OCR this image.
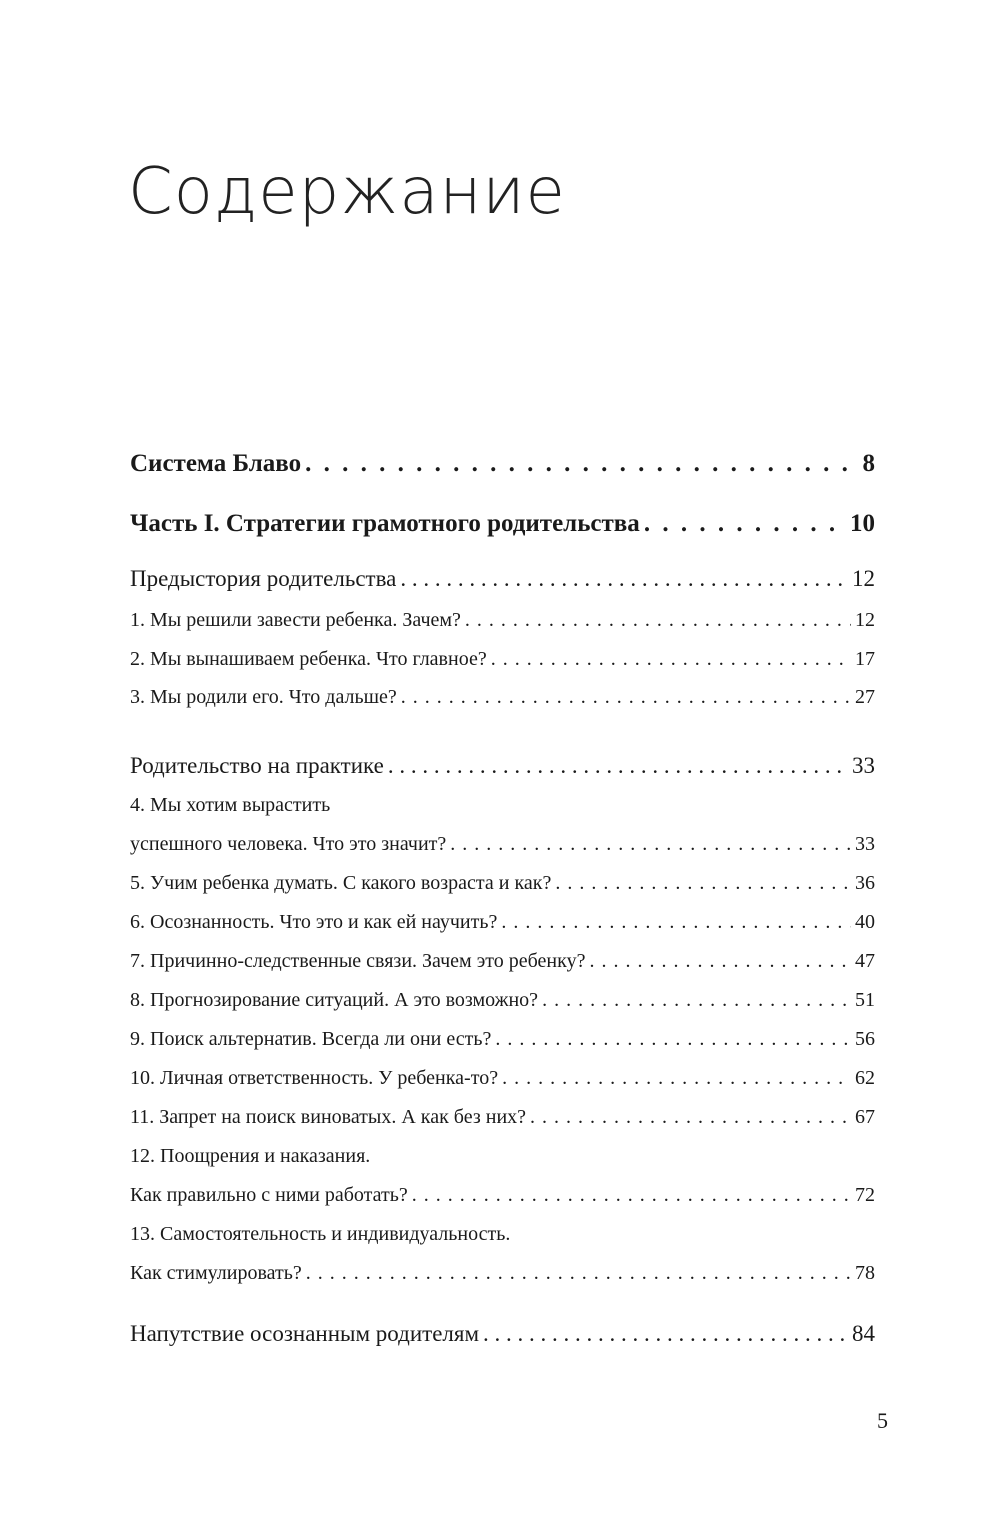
Содержание
Система Блаво . . .	8
Часть I. Стратегии грамотного родительства . . .	10
Предыстория родительства . . .	12
1. Мы решили завести ребенка. Зачем? . . .	12
2. Мы вынашиваем ребенка. Что главное? . . .	17
3. Мы родили его. Что дальше? . . .	27
Родительство на практике . . .	33
4. Мы хотим вырастить
успешного человека. Что это значит? . . .	33
5. Учим ребенка думать. С какого возраста и как? . . .	36
6. Осознанность. Что это и как ей научить? . . .	40
7. Причинно-следственные связи. Зачем это ребенку? . . .	47
8. Прогнозирование ситуаций. А это возможно? . . .	51
9. Поиск альтернатив. Всегда ли они есть? . . .	56
10. Личная ответственность. У ребенка-то? . . .	62
11. Запрет на поиск виноватых. А как без них? . . .	67
12. Поощрения и наказания.
Как правильно с ними работать? . . .	72
13. Самостоятельность и индивидуальность.
Как стимулировать? . . .	78
Напутствие осознанным родителям . . .	84
5
